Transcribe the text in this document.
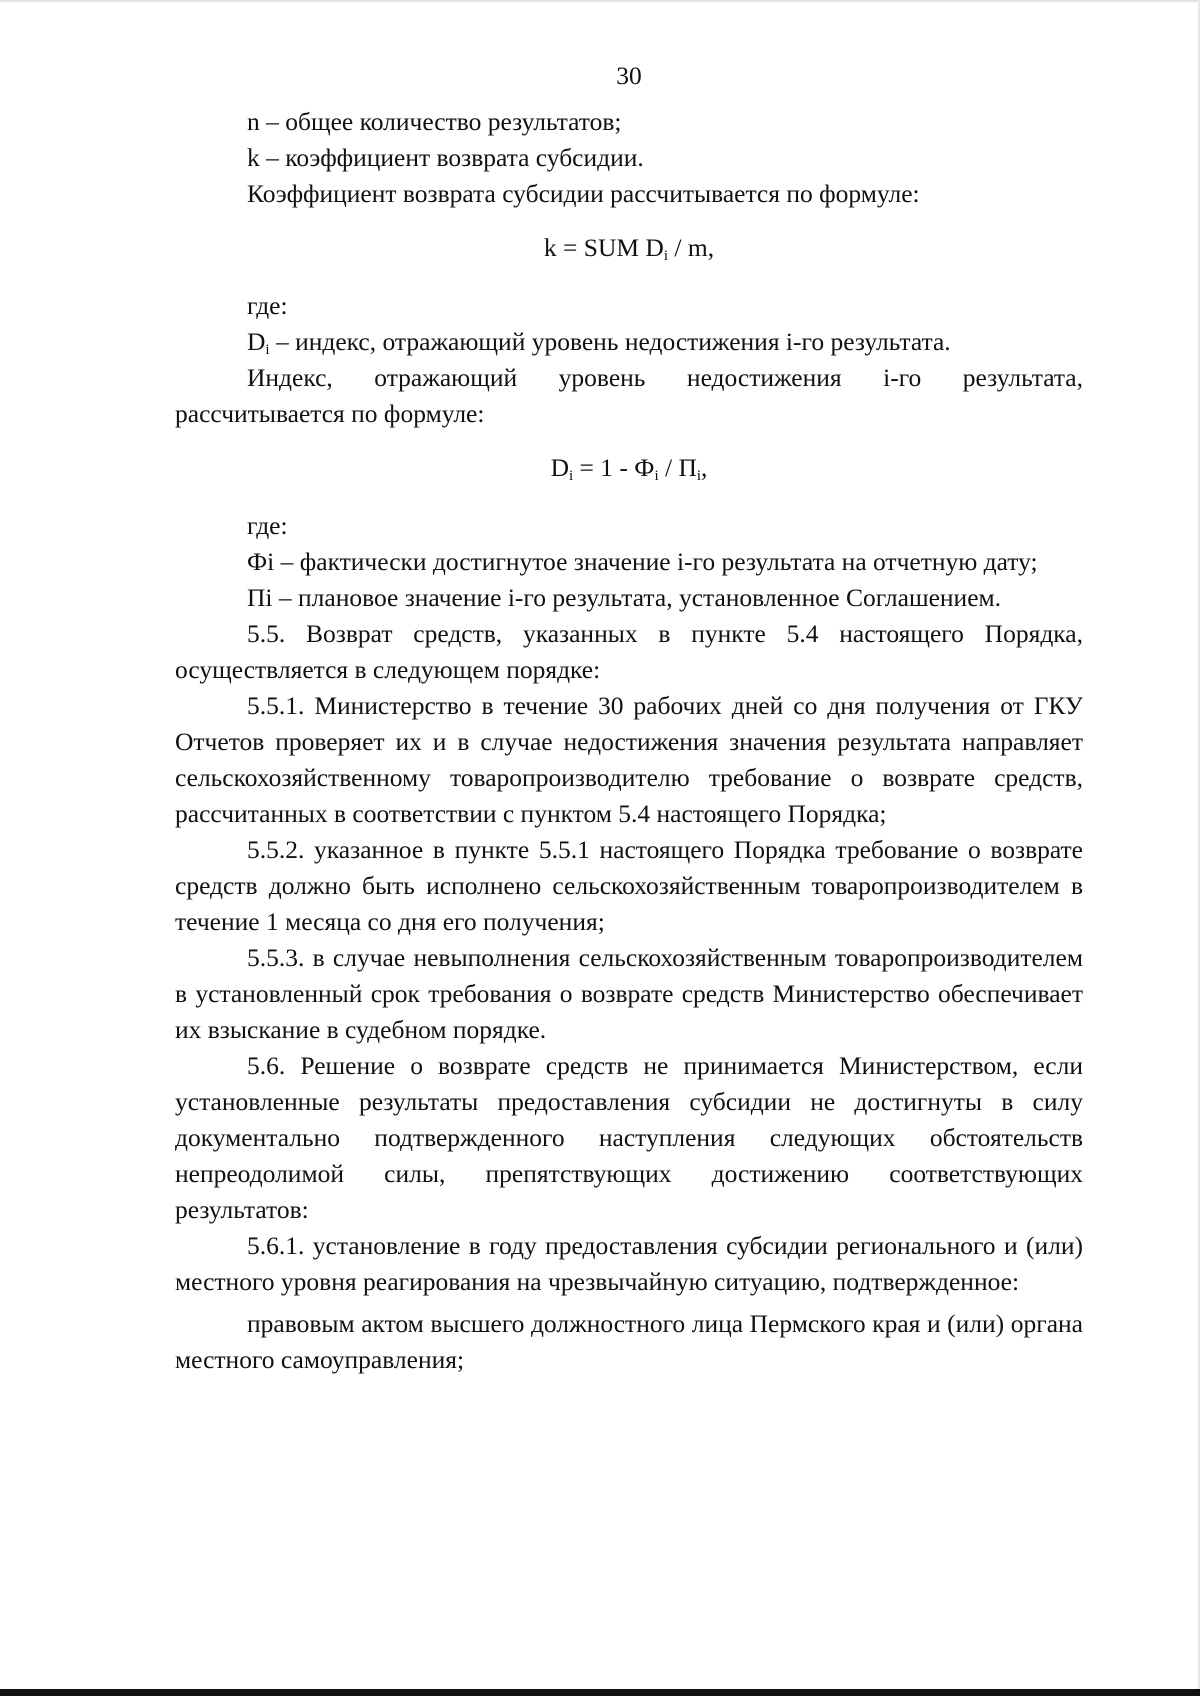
30

n – общее количество результатов;

k – коэффициент возврата субсидии.

Коэффициент возврата субсидии рассчитывается по формуле:

k = SUM $D_i$ / m,

где:

$D_i$ – индекс, отражающий уровень недостижения i-го результата.

Индекс, отражающий уровень недостижения i-го результата, рассчитывается по формуле:

$D_i = 1 - Ф_i / П_i$,

где:

Фi – фактически достигнутое значение i-го результата на отчетную дату;

Пi – плановое значение i-го результата, установленное Соглашением.

5.5. Возврат средств, указанных в пункте 5.4 настоящего Порядка, осуществляется в следующем порядке:

5.5.1. Министерство в течение 30 рабочих дней со дня получения от ГКУ Отчетов проверяет их и в случае недостижения значения результата направляет сельскохозяйственному товаропроизводителю требование о возврате средств, рассчитанных в соответствии с пунктом 5.4 настоящего Порядка;

5.5.2. указанное в пункте 5.5.1 настоящего Порядка требование о возврате средств должно быть исполнено сельскохозяйственным товаропроизводителем в течение 1 месяца со дня его получения;

5.5.3. в случае невыполнения сельскохозяйственным товаропроизводителем в установленный срок требования о возврате средств Министерство обеспечивает их взыскание в судебном порядке.

5.6. Решение о возврате средств не принимается Министерством, если установленные результаты предоставления субсидии не достигнуты в силу документально подтвержденного наступления следующих обстоятельств непреодолимой силы, препятствующих достижению соответствующих результатов:

5.6.1. установление в году предоставления субсидии регионального и (или) местного уровня реагирования на чрезвычайную ситуацию, подтвержденное:

правовым актом высшего должностного лица Пермского края и (или) органа местного самоуправления;
